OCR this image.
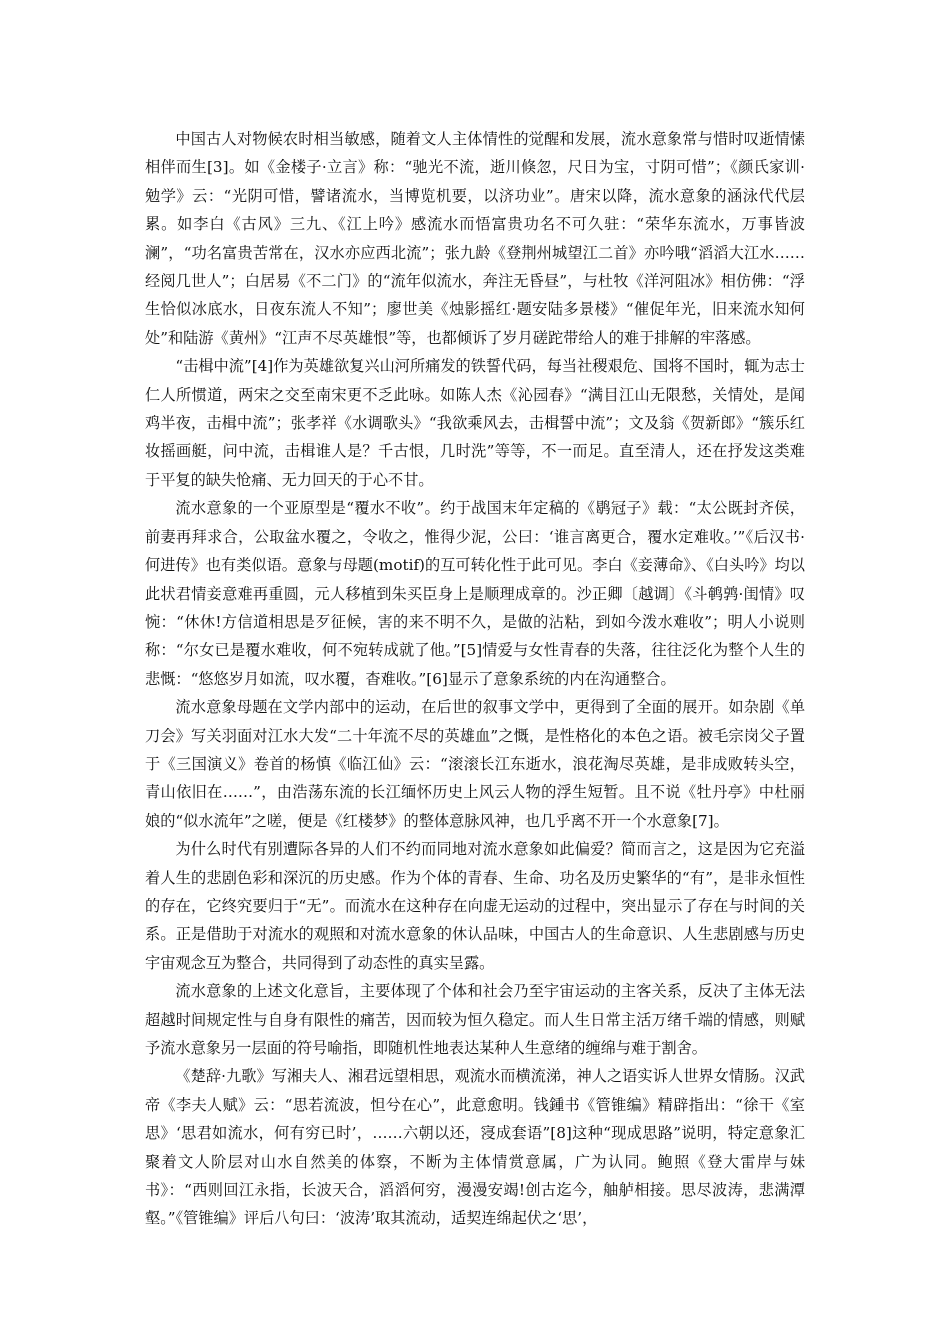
中国古人对物候农时相当敏感，随着文人主体情性的觉醒和发展，流水意象常与惜时叹逝情愫相伴而生[3]。如《金楼子·立言》称：“驰光不流，逝川倏忽，尺日为宝，寸阴可惜”；《颜氏家训·勉学》云：“光阴可惜，譬诸流水，当博览机要，以济功业”。唐宋以降，流水意象的涵泳代代层累。如李白《古风》三九、《江上吟》感流水而悟富贵功名不可久驻：“荣华东流水，万事皆波澜”，“功名富贵苦常在，汉水亦应西北流”；张九龄《登荆州城望江二首》亦吟哦“滔滔大江水……经阅几世人”；白居易《不二门》的“流年似流水，奔注无昏昼”，与杜牧《洋河阻冰》相仿佛：“浮生恰似冰底水，日夜东流人不知”；廖世美《烛影摇红·题安陆多景楼》“催促年光，旧来流水知何处”和陆游《黄州》“江声不尽英雄恨”等，也都倾诉了岁月磋跎带给人的难于排解的牢落感。

“击楫中流”[4]作为英雄欲复兴山河所痛发的铁誓代码，每当社稷艰危、国将不国时，辄为志士仁人所惯道，两宋之交至南宋更不乏此咏。如陈人杰《沁园春》“满目江山无限愁，关情处，是闻鸡半夜，击楫中流”；张孝祥《水调歌头》“我欲乘风去，击楫誓中流”；文及翁《贺新郎》“簇乐红妆摇画艇，问中流，击楫谁人是？千古恨，几时洗”等等，不一而足。直至清人，还在抒发这类难于平复的缺失怆痛、无力回天的于心不甘。

流水意象的一个亚原型是“覆水不收”。约于战国末年定稿的《鹖冠子》载：“太公既封齐侯，前妻再拜求合，公取盆水覆之，令收之，惟得少泥，公曰：‘谁言离更合，覆水定难收。’”《后汉书·何进传》也有类似语。意象与母题(motif)的互可转化性于此可见。李白《妾薄命》、《白头吟》均以此状君情妾意难再重圆，元人移植到朱买臣身上是顺理成章的。沙正卿〔越调〕《斗鹌鹑·闺情》叹惋：“休休!方信道相思是歹征候，害的来不明不久，是做的沾粘，到如今泼水难收”；明人小说则称：“尔女已是覆水难收，何不宛转成就了他。”[5]情爱与女性青春的失落，往往泛化为整个人生的悲慨：“悠悠岁月如流，叹水覆，杳难收。”[6]显示了意象系统的内在沟通整合。

流水意象母题在文学内部中的运动，在后世的叙事文学中，更得到了全面的展开。如杂剧《单刀会》写关羽面对江水大发“二十年流不尽的英雄血”之慨，是性格化的本色之语。被毛宗岗父子置于《三国演义》卷首的杨慎《临江仙》云：“滚滚长江东逝水，浪花淘尽英雄，是非成败转头空，青山依旧在……”，由浩荡东流的长江缅怀历史上风云人物的浮生短暂。且不说《牡丹亭》中杜丽娘的“似水流年”之嗟，便是《红楼梦》的整体意脉风神，也几乎离不开一个水意象[7]。

为什么时代有别遭际各异的人们不约而同地对流水意象如此偏爱？简而言之，这是因为它充溢着人生的悲剧色彩和深沉的历史感。作为个体的青春、生命、功名及历史繁华的“有”，是非永恒性的存在，它终究要归于“无”。而流水在这种存在向虚无运动的过程中，突出显示了存在与时间的关系。正是借助于对流水的观照和对流水意象的休认品味，中国古人的生命意识、人生悲剧感与历史宇宙观念互为整合，共同得到了动态性的真实呈露。

流水意象的上述文化意旨，主要体现了个体和社会乃至宇宙运动的主客关系，反决了主体无法超越时间规定性与自身有限性的痛苦，因而较为恒久稳定。而人生日常主活万绪千端的情感，则赋予流水意象另一层面的符号喻指，即随机性地表达某种人生意绪的缠绵与难于割舍。

《楚辞·九歌》写湘夫人、湘君远望相思，观流水而横流涕，神人之语实诉人世界女情肠。汉武帝《李夫人赋》云：“思若流波，怛兮在心”，此意愈明。钱鍾书《管锥编》精辟指出：“徐干《室思》‘思君如流水，何有穷已时’，……六朝以还，寖成套语”[8]这种“现成思路”说明，特定意象汇聚着文人阶层对山水自然美的体察，不断为主体情赏意属，广为认同。鲍照《登大雷岸与妹书》：“西则回江永指，长波天合，滔滔何穷，漫漫安竭!创古迄今，舳舻相接。思尽波涛，悲满潭壑。”《管锥编》评后八句曰：‘波涛’取其流动，适契连绵起伏之‘思’，
